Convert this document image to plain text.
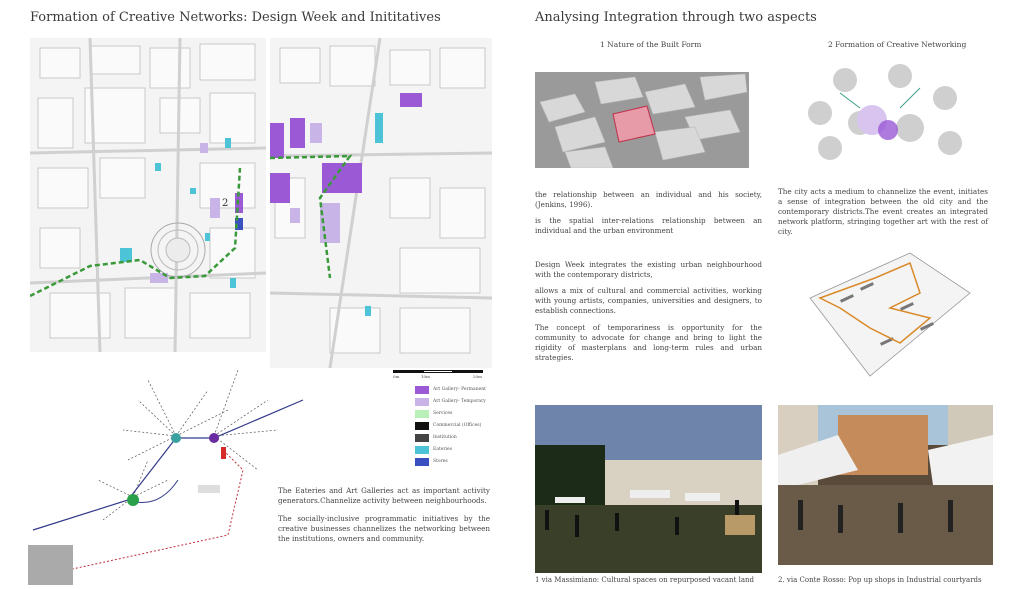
Formation of Creative Networks: Design Week and Inititatives
2
0m	10m	20m
Art Gallery- Permanent
Art Gallery- Temporary
Services
Commercial (Offices)
Institution
Eateries
Stores
The Eateries and Art Galleries act as important activity generators.Channelize activity between neighbourhoods.
The socially-inclusive programmatic initiatives by the creative businesses channelizes the networking between the institutions, owners and community.
Analysing Integration through two aspects
1 Nature of the Built Form	2 Formation of Creative Networking
the relationship between an individual and his society, (Jenkins, 1996).
is the spatial inter-relations relationship between an individual and the urban environment
Design Week integrates the existing urban neighbourhood with the contemporary districts,
allows a mix of cultural and commercial activities, working with young artists, companies, universities and designers, to establish connections.
The concept of temporariness is opportunity for the community to advocate for change and bring to light the rigidity of masterplans and long-term rules and urban strategies.
The city acts a medium to channelize the event, initiates a sense of integration between the old city and the contemporary districts.The event creates an integrated network platform, stringing together art with the rest of city.
1 via Massimiano: Cultural spaces on repurposed vacant land	2. via Conte Rosso: Pop up shops in Industrial courtyards
